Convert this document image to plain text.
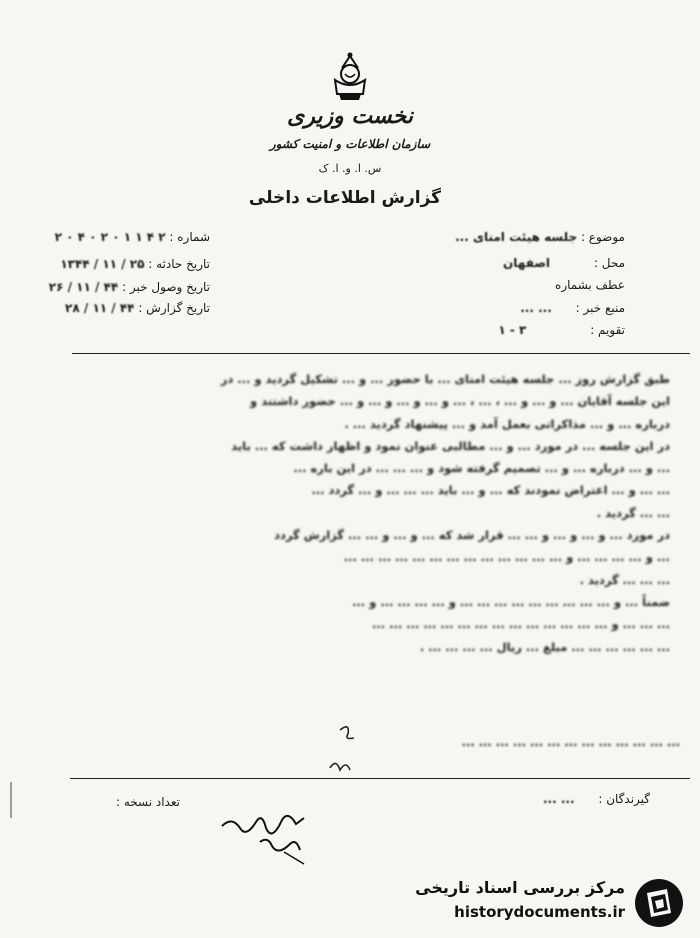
نخست وزیری
سازمان اطلاعات و امنیت کشور
س. ا. و. ا. ک
گزارش اطلاعات داخلی
موضوع : جلسه هیئت امنای ...
محل : اصفهان
عطف بشماره
منبع خبر : ... ...
تقویم : ۳ - ۱
شماره : ۲ ۴ ۱ ۱ ۰ ۲ ۰ ۴ ۰ ۲
تاریخ حادثه : ۲۵ / ۱۱ / ۱۳۴۴
تاریخ وصول خبر : ۴۴ / ۱۱ / ۲۶
تاریخ گزارش : ۴۴ / ۱۱ / ۲۸

طبق گزارش روز ... جلسه هیئت امنای ... با حضور ... و ... تشکیل گردید و ... در

این جلسه آقایان ... و ... و ... ، ... ، ... و ... و ... و ... و ... حضور داشتند و

درباره ... و ... مذاکراتی بعمل آمد و ... پیشنهاد گردید ... .

در این جلسه ... در مورد ... و ... مطالبی عنوان نمود و اظهار داشت که ... باید

... و ... درباره ... و ... تصمیم گرفته شود و ... ... ... در این باره ...

... ... و ... اعتراض نمودند که ... و ... باید ... ... ... و ... گردد ...

... ... گردید .

در مورد ... و ... و ... و ... ... قرار شد که ... و ... و ... ... گزارش گردد

... و ... ... ... ... و ... ... ... ... ... ... ... ... ... ... ... ... ...

... ... ... گردید .

ضمناً ... و ... ... ... ... ... ... ... ... ... و ... ... ... ... و ...

... ... ... و ... ... ... ... ... ... ... ... ... ... ... ... ... ...

... ... ... ... ... ... مبلغ ... ریال ... ... ... ... .

... ... ... ... ... ... ... ... ... ... ... ... ...
گیرندگان : ... ...
تعداد نسخه :
مرکز بررسی اسناد تاریخی
historydocuments.ir
